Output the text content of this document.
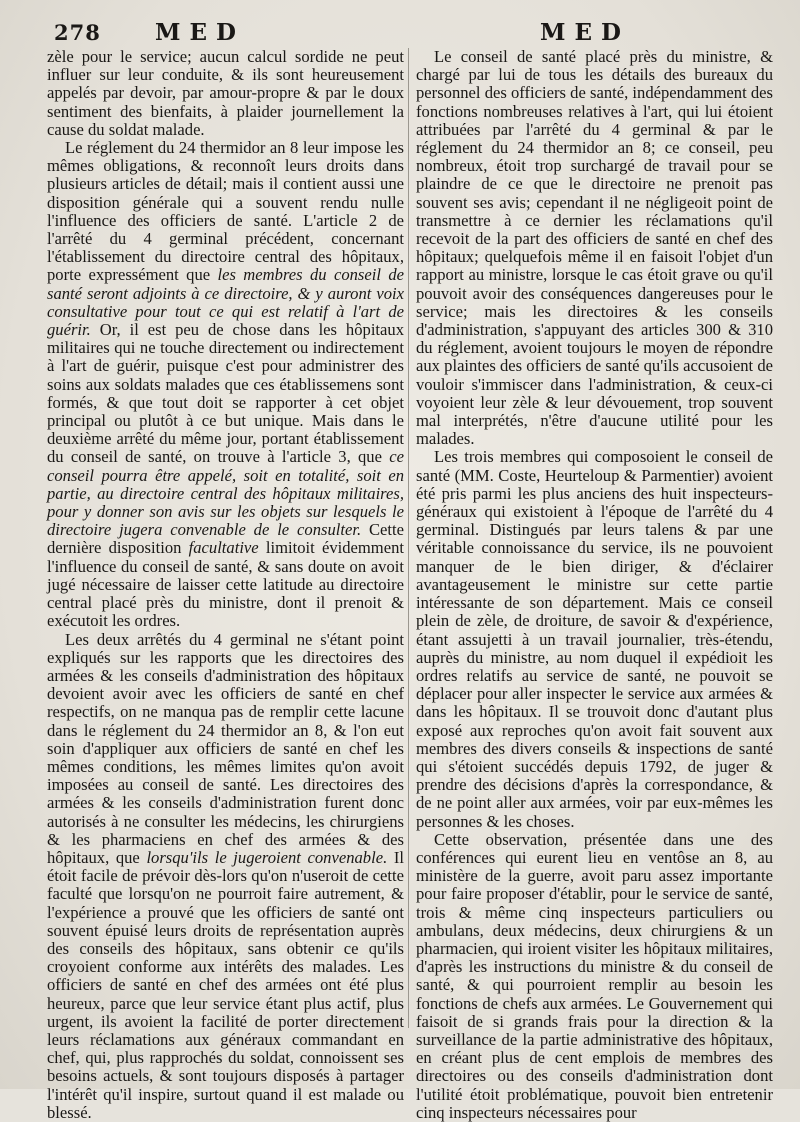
278	MED	MED

zèle pour le service; aucun calcul sordide ne peut influer sur leur conduite, & ils sont heureusement appelés par devoir, par amour-propre & par le doux sentiment des bienfaits, à plaider journellement la cause du soldat malade.

Le réglement du 24 thermidor an 8 leur impose les mêmes obligations, & reconnoît leurs droits dans plusieurs articles de détail; mais il contient aussi une disposition générale qui a souvent rendu nulle l'influence des officiers de santé. L'article 2 de l'arrêté du 4 germinal précédent, concernant l'établissement du directoire central des hôpitaux, porte expressément que les membres du conseil de santé seront adjoints à ce directoire, & y auront voix consultative pour tout ce qui est relatif à l'art de guérir. Or, il est peu de chose dans les hôpitaux militaires qui ne touche directement ou indirectement à l'art de guérir, puisque c'est pour administrer des soins aux soldats malades que ces établissemens sont formés, & que tout doit se rapporter à cet objet principal ou plutôt à ce but unique. Mais dans le deuxième arrêté du même jour, portant établissement du conseil de santé, on trouve à l'article 3, que ce conseil pourra être appelé, soit en totalité, soit en partie, au directoire central des hôpitaux militaires, pour y donner son avis sur les objets sur lesquels le directoire jugera convenable de le consulter. Cette dernière disposition facultative limitoit évidemment l'influence du conseil de santé, & sans doute on avoit jugé nécessaire de laisser cette latitude au directoire central placé près du ministre, dont il prenoit & exécutoit les ordres.

Les deux arrêtés du 4 germinal ne s'étant point expliqués sur les rapports que les directoires des armées & les conseils d'administration des hôpitaux devoient avoir avec les officiers de santé en chef respectifs, on ne manqua pas de remplir cette lacune dans le réglement du 24 thermidor an 8, & l'on eut soin d'appliquer aux officiers de santé en chef les mêmes conditions, les mêmes limites qu'on avoit imposées au conseil de santé. Les directoires des armées & les conseils d'administration furent donc autorisés à ne consulter les médecins, les chirurgiens & les pharmaciens en chef des armées & des hôpitaux, que lorsqu'ils le jugeroient convenable. Il étoit facile de prévoir dès-lors qu'on n'useroit de cette faculté que lorsqu'on ne pourroit faire autrement, & l'expérience a prouvé que les officiers de santé ont souvent épuisé leurs droits de représentation auprès des conseils des hôpitaux, sans obtenir ce qu'ils croyoient conforme aux intérêts des malades. Les officiers de santé en chef des armées ont été plus heureux, parce que leur service étant plus actif, plus urgent, ils avoient la facilité de porter directement leurs réclamations aux généraux commandant en chef, qui, plus rapprochés du soldat, connoissent ses besoins actuels, & sont toujours disposés à partager l'intérêt qu'il inspire, surtout quand il est malade ou blessé.

Le conseil de santé placé près du ministre, & chargé par lui de tous les détails des bureaux du personnel des officiers de santé, indépendamment des fonctions nombreuses relatives à l'art, qui lui étoient attribuées par l'arrêté du 4 germinal & par le réglement du 24 thermidor an 8; ce conseil, peu nombreux, étoit trop surchargé de travail pour se plaindre de ce que le directoire ne prenoit pas souvent ses avis; cependant il ne négligeoit point de transmettre à ce dernier les réclamations qu'il recevoit de la part des officiers de santé en chef des hôpitaux; quelquefois même il en faisoit l'objet d'un rapport au ministre, lorsque le cas étoit grave ou qu'il pouvoit avoir des conséquences dangereuses pour le service; mais les directoires & les conseils d'administration, s'appuyant des articles 300 & 310 du réglement, avoient toujours le moyen de répondre aux plaintes des officiers de santé qu'ils accusoient de vouloir s'immiscer dans l'administration, & ceux-ci voyoient leur zèle & leur dévouement, trop souvent mal interprétés, n'être d'aucune utilité pour les malades.

Les trois membres qui composoient le conseil de santé (MM. Coste, Heurteloup & Parmentier) avoient été pris parmi les plus anciens des huit inspecteurs-généraux qui existoient à l'époque de l'arrêté du 4 germinal. Distingués par leurs talens & par une véritable connoissance du service, ils ne pouvoient manquer de le bien diriger, & d'éclairer avantageusement le ministre sur cette partie intéressante de son département. Mais ce conseil plein de zèle, de droiture, de savoir & d'expérience, étant assujetti à un travail journalier, très-étendu, auprès du ministre, au nom duquel il expédioit les ordres relatifs au service de santé, ne pouvoit se déplacer pour aller inspecter le service aux armées & dans les hôpitaux. Il se trouvoit donc d'autant plus exposé aux reproches qu'on avoit fait souvent aux membres des divers conseils & inspections de santé qui s'étoient succédés depuis 1792, de juger & prendre des décisions d'après la correspondance, & de ne point aller aux armées, voir par eux-mêmes les personnes & les choses.

Cette observation, présentée dans une des conférences qui eurent lieu en ventôse an 8, au ministère de la guerre, avoit paru assez importante pour faire proposer d'établir, pour le service de santé, trois & même cinq inspecteurs particuliers ou ambulans, deux médecins, deux chirurgiens & un pharmacien, qui iroient visiter les hôpitaux militaires, d'après les instructions du ministre & du conseil de santé, & qui pourroient remplir au besoin les fonctions de chefs aux armées. Le Gouvernement qui faisoit de si grands frais pour la direction & la surveillance de la partie administrative des hôpitaux, en créant plus de cent emplois de membres des directoires ou des conseils d'administration dont l'utilité étoit problématique, pouvoit bien entretenir cinq inspecteurs nécessaires pour
